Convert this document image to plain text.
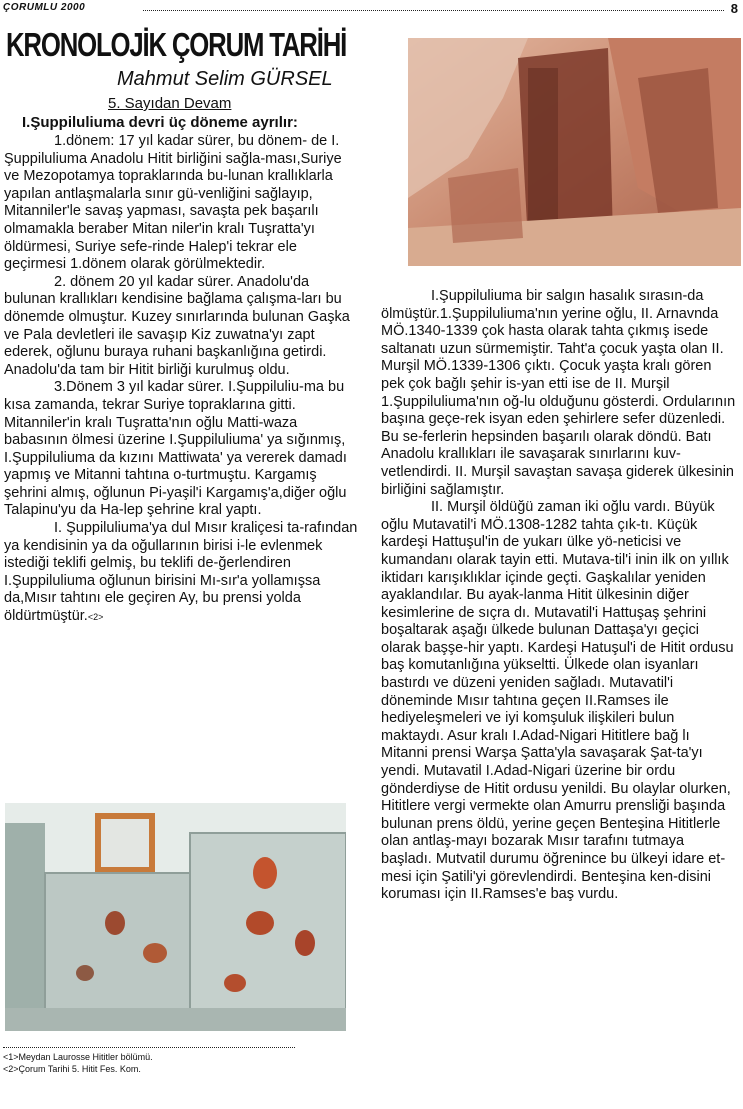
ÇORUMLU 2000	8
KRONOLOJİK ÇORUM TARİHİ
Mahmut Selim GÜRSEL
5. Sayıdan Devam
I.Şuppiluliuma devri üç döneme ayrılır:

1.dönem: 17 yıl kadar sürer, bu dönem- de I. Şuppiluliuma Anadolu Hitit birliğini sağla-ması,Suriye ve Mezopotamya topraklarında bu-lunan krallıklarla yapılan antlaşmalarla sınır gü-venliğini sağlayıp, Mitanniler'le savaş yapması, savaşta pek başarılı olmamakla beraber Mitan niler'in kralı Tuşratta'yı öldürmesi, Suriye sefe-rinde Halep'i tekrar ele geçirmesi 1.dönem olarak görülmektedir.

2. dönem 20 yıl kadar sürer. Anadolu'da bulunan krallıkları kendisine bağlama çalışma-ları bu dönemde olmuştur. Kuzey sınırlarında bulunan Gaşka ve Pala devletleri ile savaşıp Kiz zuwatna'yı zapt ederek, oğlunu buraya ruhani başkanlığına getirdi. Anadolu'da tam bir Hitit birliği kurulmuş oldu.

3.Dönem 3 yıl kadar sürer. I.Şuppiluliu-ma bu kısa zamanda, tekrar Suriye topraklarına gitti. Mitanniler'in kralı Tuşratta'nın oğlu Matti-waza babasının ölmesi üzerine I.Şuppiluliuma' ya sığınmış, I.Şuppiluliuma da kızını Mattiwata' ya vererek damadı yapmış ve Mitanni tahtına o-turtmuştu. Kargamış şehrini almış, oğlunun Pi-yaşil'i Kargamış'a,diğer oğlu Talapinu'yu da Ha-lep şehrine kral yaptı.

I. Şuppiluliuma'ya dul Mısır kraliçesi ta-rafından ya kendisinin ya da oğullarının birisi i-le evlenmek istediği teklifi gelmiş, bu teklifi de-ğerlendiren I.Şuppiluliuma oğlunun birisini Mı-sır'a yollamışsa da,Mısır tahtını ele geçiren Ay, bu prensi yolda öldürtmüştür.<2>

I.Şuppiluliuma bir salgın hasalık sırasın-da ölmüştür.1.Şuppiluliuma'nın yerine oğlu, II. Arnavnda MÖ.1340-1339 çok hasta olarak tahta çıkmış isede saltanatı uzun sürmemiştir. Taht'a çocuk yaşta olan II. Murşil MÖ.1339-1306 çıktı. Çocuk yaşta kralı gören pek çok bağlı şehir is-yan etti ise de II. Murşil 1.Şuppiluliuma'nın oğ-lu olduğunu gösterdi. Ordularının başına geçe-rek isyan eden şehirlere sefer düzenledi. Bu se-ferlerin hepsinden başarılı olarak döndü. Batı Anadolu krallıkları ile savaşarak sınırlarını kuv-vetlendirdi. II. Murşil savaştan savaşa giderek ülkesinin birliğini sağlamıştır.

II. Murşil öldüğü zaman iki oğlu vardı. Büyük oğlu Mutavatil'i MÖ.1308-1282 tahta çık-tı. Küçük kardeşi Hattuşul'in de yukarı ülke yö-neticisi ve kumandanı olarak tayin etti. Mutava-til'i inin ilk on yıllık iktidarı karışıklıklar içinde geçti. Gaşkalılar yeniden ayaklandılar. Bu ayak-lanma Hitit ülkesinin diğer kesimlerine de sıçra dı. Mutavatil'i Hattuşaş şehrini boşaltarak aşağı ülkede bulunan Dattaşa'yı geçici olarak başşe-hir yaptı. Kardeşi Hatuşul'i de Hitit ordusu baş komutanlığına yükseltti. Ülkede olan isyanları bastırdı ve düzeni yeniden sağladı. Mutavatil'i döneminde Mısır tahtına geçen II.Ramses ile hediyeleşmeleri ve iyi komşuluk ilişkileri bulun maktaydı. Asur kralı I.Adad-Nigari Hititlere bağ lı Mitanni prensi Warşa Şatta'yla savaşarak Şat-ta'yı yendi. Mutavatil I.Adad-Nigari üzerine bir ordu gönderdiyse de Hitit ordusu yenildi. Bu olaylar olurken, Hititlere vergi vermekte olan Amurru prensliği başında bulunan prens öldü, yerine geçen Benteşina Hititlerle olan antlaş-mayı bozarak Mısır tarafını tutmaya başladı. Mutvatil durumu öğrenince bu ülkeyi idare et-mesi için Şatili'yi görevlendirdi. Benteşina ken-disini koruması için II.Ramses'e baş vurdu.

<1>Meydan Laurosse Hititler bölümü.
<2>Çorum Tarihi 5. Hitit Fes. Kom.
